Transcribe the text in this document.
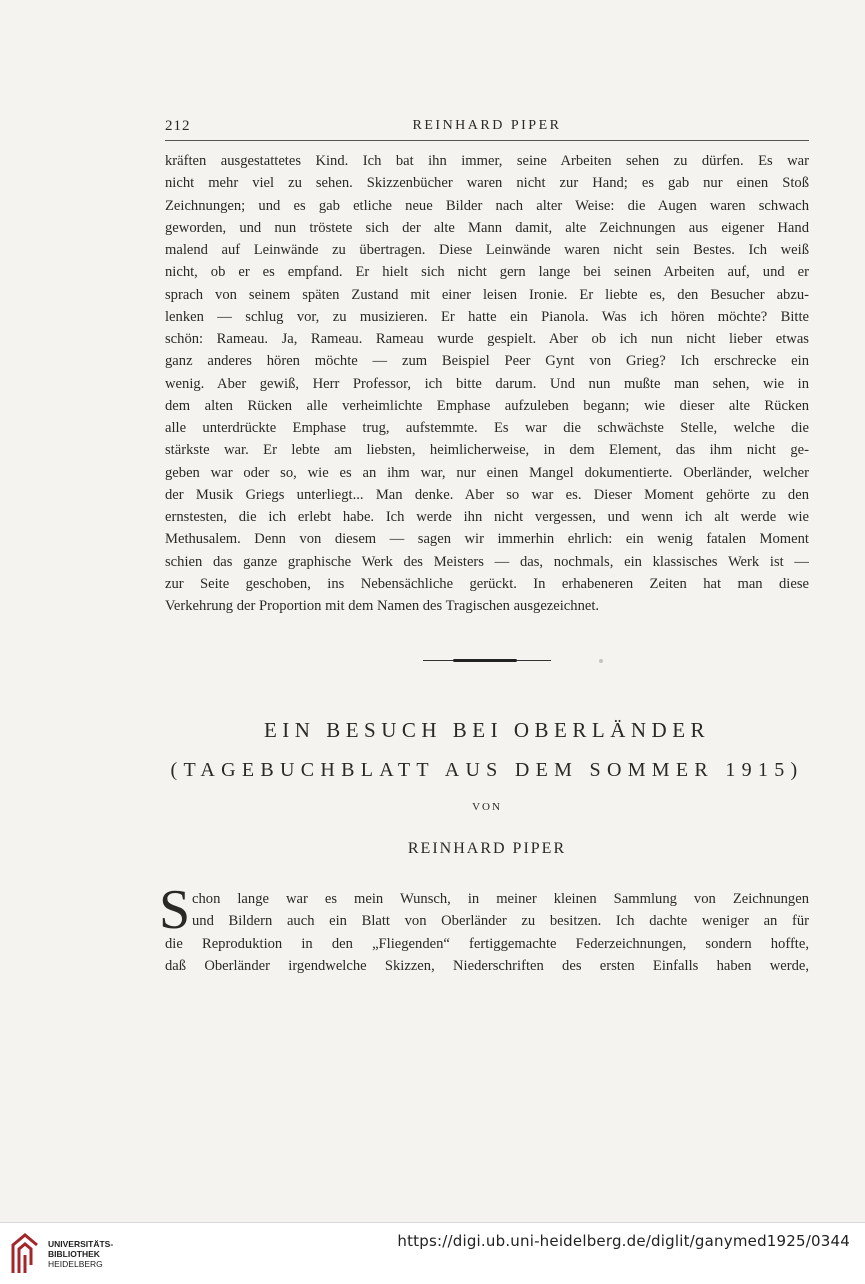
212	REINHARD PIPER

kräften ausgestattetes Kind. Ich bat ihn immer, seine Arbeiten sehen zu dürfen. Es war
nicht mehr viel zu sehen. Skizzenbücher waren nicht zur Hand; es gab nur einen Stoß
Zeichnungen; und es gab etliche neue Bilder nach alter Weise: die Augen waren schwach
geworden, und nun tröstete sich der alte Mann damit, alte Zeichnungen aus eigener Hand
malend auf Leinwände zu übertragen. Diese Leinwände waren nicht sein Bestes. Ich weiß
nicht, ob er es empfand. Er hielt sich nicht gern lange bei seinen Arbeiten auf, und er
sprach von seinem späten Zustand mit einer leisen Ironie. Er liebte es, den Besucher abzu-
lenken — schlug vor, zu musizieren. Er hatte ein Pianola. Was ich hören möchte? Bitte
schön: Rameau. Ja, Rameau. Rameau wurde gespielt. Aber ob ich nun nicht lieber etwas
ganz anderes hören möchte — zum Beispiel Peer Gynt von Grieg? Ich erschrecke ein
wenig. Aber gewiß, Herr Professor, ich bitte darum. Und nun mußte man sehen, wie in
dem alten Rücken alle verheimlichte Emphase aufzuleben begann; wie dieser alte Rücken
alle unterdrückte Emphase trug, aufstemmte. Es war die schwächste Stelle, welche die
stärkste war. Er lebte am liebsten, heimlicherweise, in dem Element, das ihm nicht ge-
geben war oder so, wie es an ihm war, nur einen Mangel dokumentierte. Oberländer, welcher
der Musik Griegs unterliegt... Man denke. Aber so war es. Dieser Moment gehörte zu den
ernstesten, die ich erlebt habe. Ich werde ihn nicht vergessen, und wenn ich alt werde wie
Methusalem. Denn von diesem — sagen wir immerhin ehrlich: ein wenig fatalen Moment
schien das ganze graphische Werk des Meisters — das, nochmals, ein klassisches Werk ist —
zur Seite geschoben, ins Nebensächliche gerückt. In erhabeneren Zeiten hat man diese
Verkehrung der Proportion mit dem Namen des Tragischen ausgezeichnet.

EIN BESUCH BEI OBERLÄNDER
(TAGEBUCHBLATT AUS DEM SOMMER 1915)
VON
REINHARD PIPER
S chon lange war es mein Wunsch, in meiner kleinen Sammlung von Zeichnungen
und Bildern auch ein Blatt von Oberländer zu besitzen. Ich dachte weniger an für
die Reproduktion in den „Fliegenden“ fertiggemachte Federzeichnungen, sondern hoffte,
daß Oberländer irgendwelche Skizzen, Niederschriften des ersten Einfalls haben werde,
UNIVERSITÄTS-
BIBLIOTHEK
HEIDELBERG
https://digi.ub.uni-heidelberg.de/diglit/ganymed1925/0344
